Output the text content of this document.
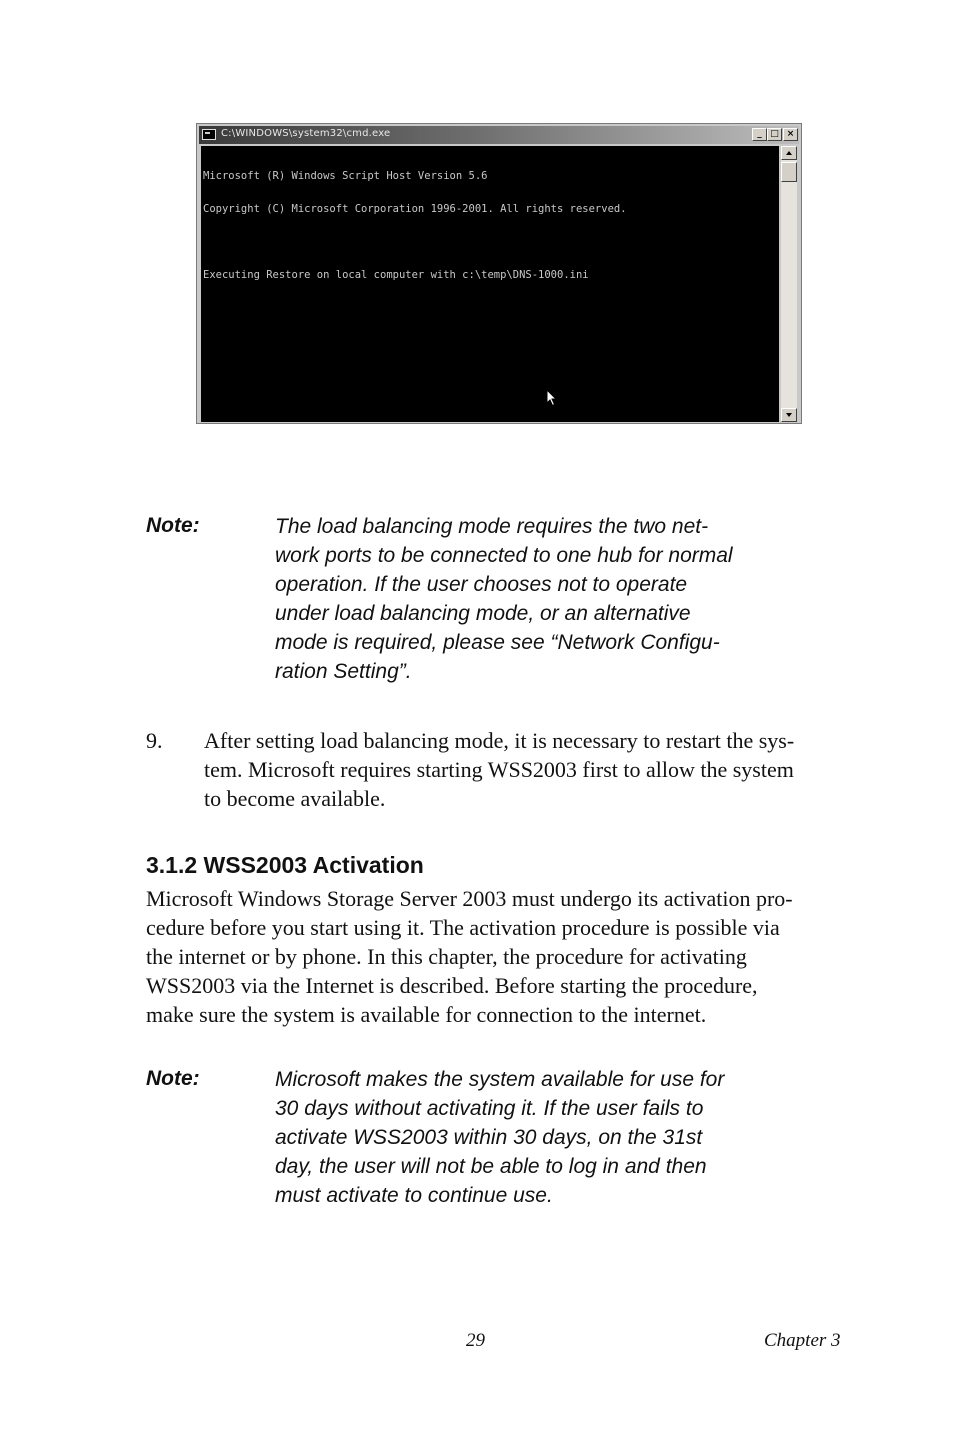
C:\WINDOWS\system32\cmd.exe	_ □ ×

Microsoft (R) Windows Script Host Version 5.6

Copyright (C) Microsoft Corporation 1996-2001. All rights reserved.

Executing Restore on local computer with c:\temp\DNS-1000.ini

Note:	The load balancing mode requires the two net-
work ports to be connected to one hub for normal
operation. If the user chooses not to operate
under load balancing mode, or an alternative
mode is required, please see “Network Configu-
ration Setting”.
9. After setting load balancing mode, it is necessary to restart the sys-
tem. Microsoft requires starting WSS2003 first to allow the system
to become available.
3.1.2 WSS2003 Activation
Microsoft Windows Storage Server 2003 must undergo its activation pro-
cedure before you start using it. The activation procedure is possible via
the internet or by phone. In this chapter, the procedure for activating
WSS2003 via the Internet is described. Before starting the procedure,
make sure the system is available for connection to the internet.
Note:	Microsoft makes the system available for use for
30 days without activating it. If the user fails to
activate WSS2003 within 30 days, on the 31st
day, the user will not be able to log in and then
must activate to continue use.
29	Chapter 3
